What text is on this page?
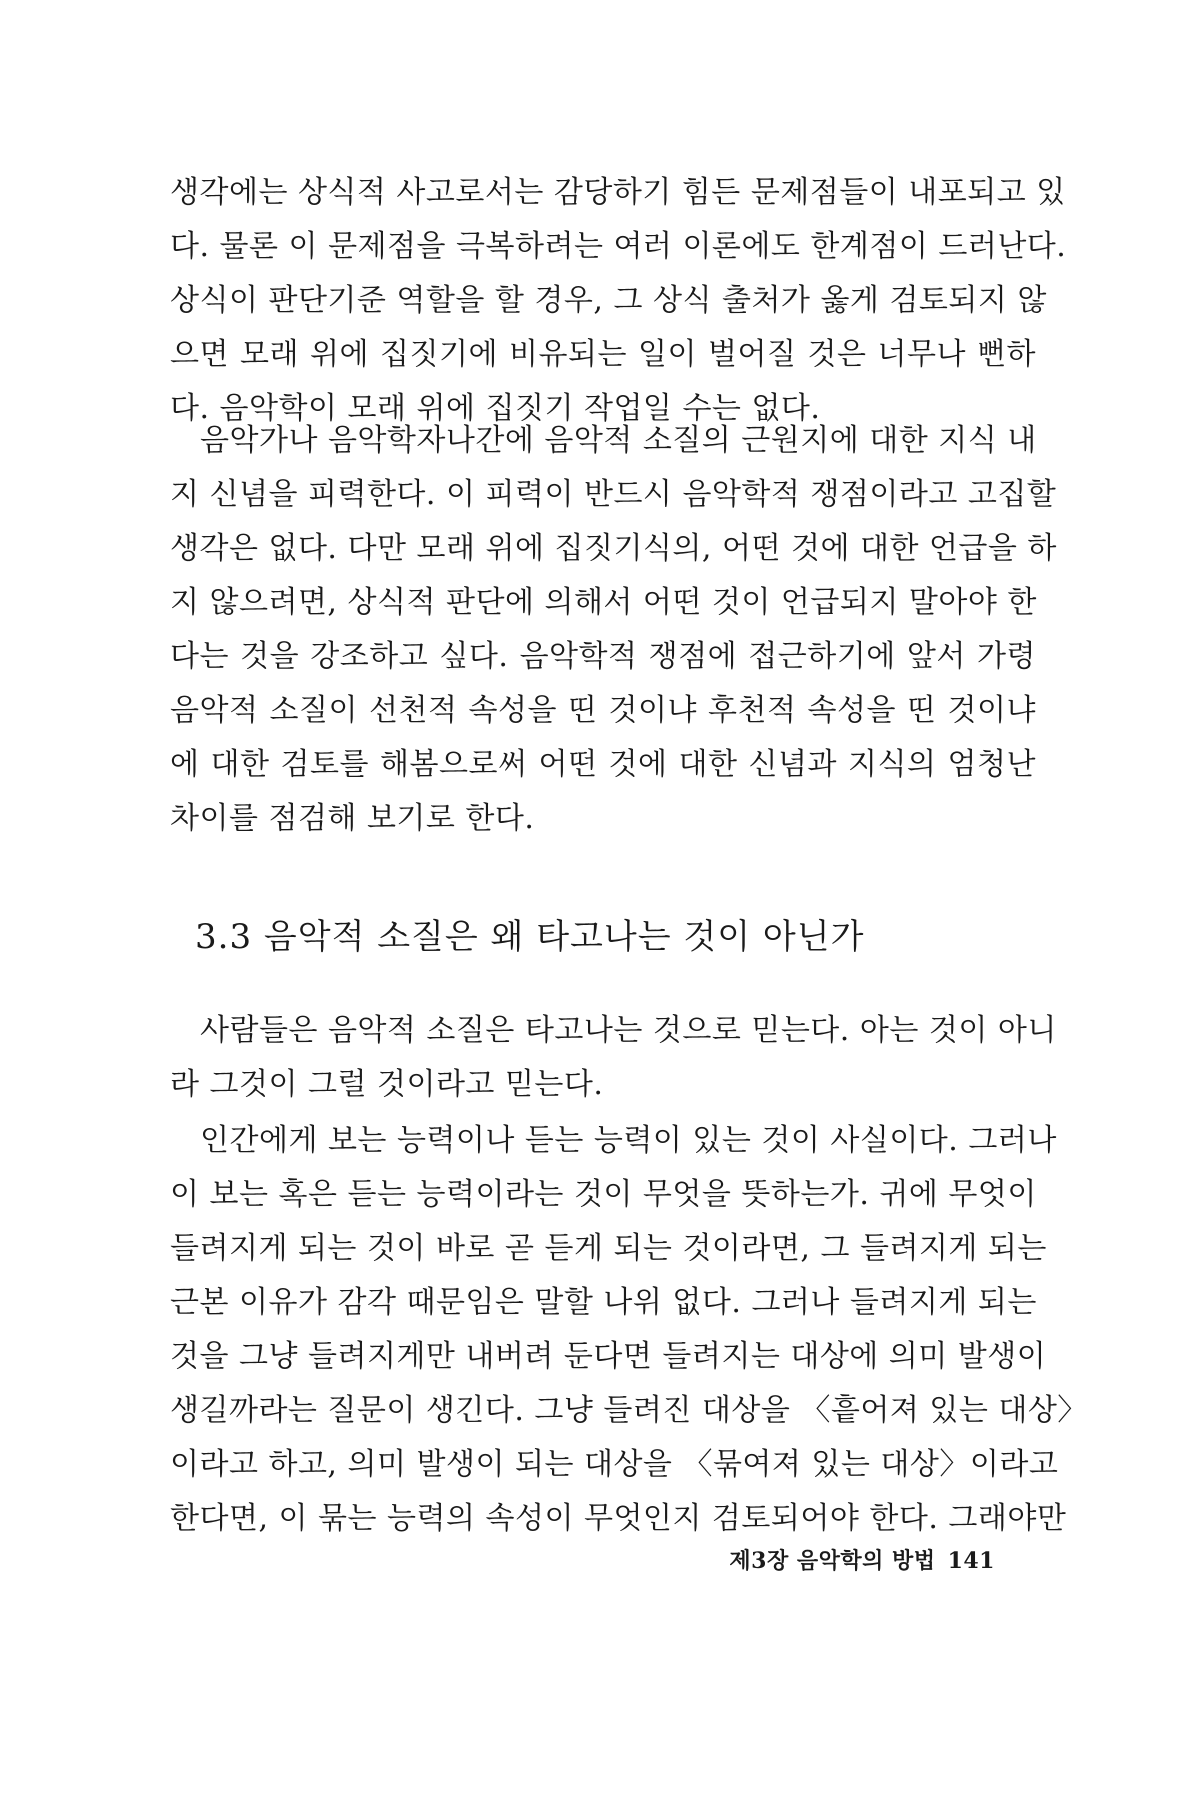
생각에는 상식적 사고로서는 감당하기 힘든 문제점들이 내포되고 있
다. 물론 이 문제점을 극복하려는 여러 이론에도 한계점이 드러난다.
상식이 판단기준 역할을 할 경우, 그 상식 출처가 옳게 검토되지 않
으면 모래 위에 집짓기에 비유되는 일이 벌어질 것은 너무나 뻔하
다. 음악학이 모래 위에 집짓기 작업일 수는 없다.
음악가나 음악학자나간에 음악적 소질의 근원지에 대한 지식 내
지 신념을 피력한다. 이 피력이 반드시 음악학적 쟁점이라고 고집할
생각은 없다. 다만 모래 위에 집짓기식의, 어떤 것에 대한 언급을 하
지 않으려면, 상식적 판단에 의해서 어떤 것이 언급되지 말아야 한
다는 것을 강조하고 싶다. 음악학적 쟁점에 접근하기에 앞서 가령
음악적 소질이 선천적 속성을 띤 것이냐 후천적 속성을 띤 것이냐
에 대한 검토를 해봄으로써 어떤 것에 대한 신념과 지식의 엄청난
차이를 점검해 보기로 한다.
3.3 음악적 소질은 왜 타고나는 것이 아닌가
사람들은 음악적 소질은 타고나는 것으로 믿는다. 아는 것이 아니
라 그것이 그럴 것이라고 믿는다.
인간에게 보는 능력이나 듣는 능력이 있는 것이 사실이다. 그러나
이 보는 혹은 듣는 능력이라는 것이 무엇을 뜻하는가. 귀에 무엇이
들려지게 되는 것이 바로 곧 듣게 되는 것이라면, 그 들려지게 되는
근본 이유가 감각 때문임은 말할 나위 없다. 그러나 들려지게 되는
것을 그냥 들려지게만 내버려 둔다면 들려지는 대상에 의미 발생이
생길까라는 질문이 생긴다. 그냥 들려진 대상을 〈흩어져 있는 대상〉
이라고 하고, 의미 발생이 되는 대상을 〈묶여져 있는 대상〉이라고
한다면, 이 묶는 능력의 속성이 무엇인지 검토되어야 한다. 그래야만
제3장 음악학의 방법 141
